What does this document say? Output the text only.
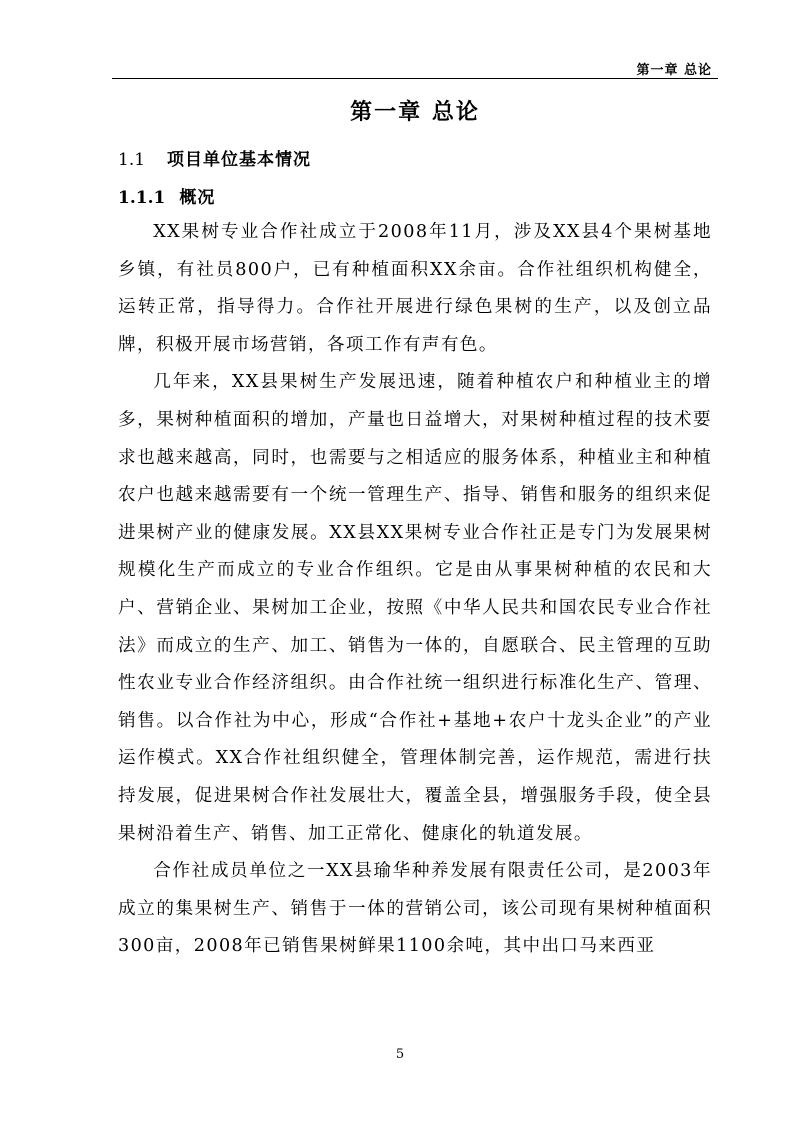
第一章 总论
第一章 总论
1.1 项目单位基本情况
1.1.1 概况

XX果树专业合作社成立于2008年11月，涉及XX县4个果树基地乡镇，有社员800户，已有种植面积XX余亩。合作社组织机构健全，运转正常，指导得力。合作社开展进行绿色果树的生产，以及创立品牌，积极开展市场营销，各项工作有声有色。

几年来，XX县果树生产发展迅速，随着种植农户和种植业主的增多，果树种植面积的增加，产量也日益增大，对果树种植过程的技术要求也越来越高，同时，也需要与之相适应的服务体系，种植业主和种植农户也越来越需要有一个统一管理生产、指导、销售和服务的组织来促进果树产业的健康发展。XX县XX果树专业合作社正是专门为发展果树规模化生产而成立的专业合作组织。它是由从事果树种植的农民和大户、营销企业、果树加工企业，按照《中华人民共和国农民专业合作社法》而成立的生产、加工、销售为一体的，自愿联合、民主管理的互助性农业专业合作经济组织。由合作社统一组织进行标准化生产、管理、销售。以合作社为中心，形成“合作社+基地+农户十龙头企业”的产业运作模式。XX合作社组织健全，管理体制完善，运作规范，需进行扶持发展，促进果树合作社发展壮大，覆盖全县，增强服务手段，使全县果树沿着生产、销售、加工正常化、健康化的轨道发展。

合作社成员单位之一XX县瑜华种养发展有限责任公司，是2003年成立的集果树生产、销售于一体的营销公司，该公司现有果树种植面积300亩，2008年已销售果树鲜果1100余吨，其中出口马来西亚

5
